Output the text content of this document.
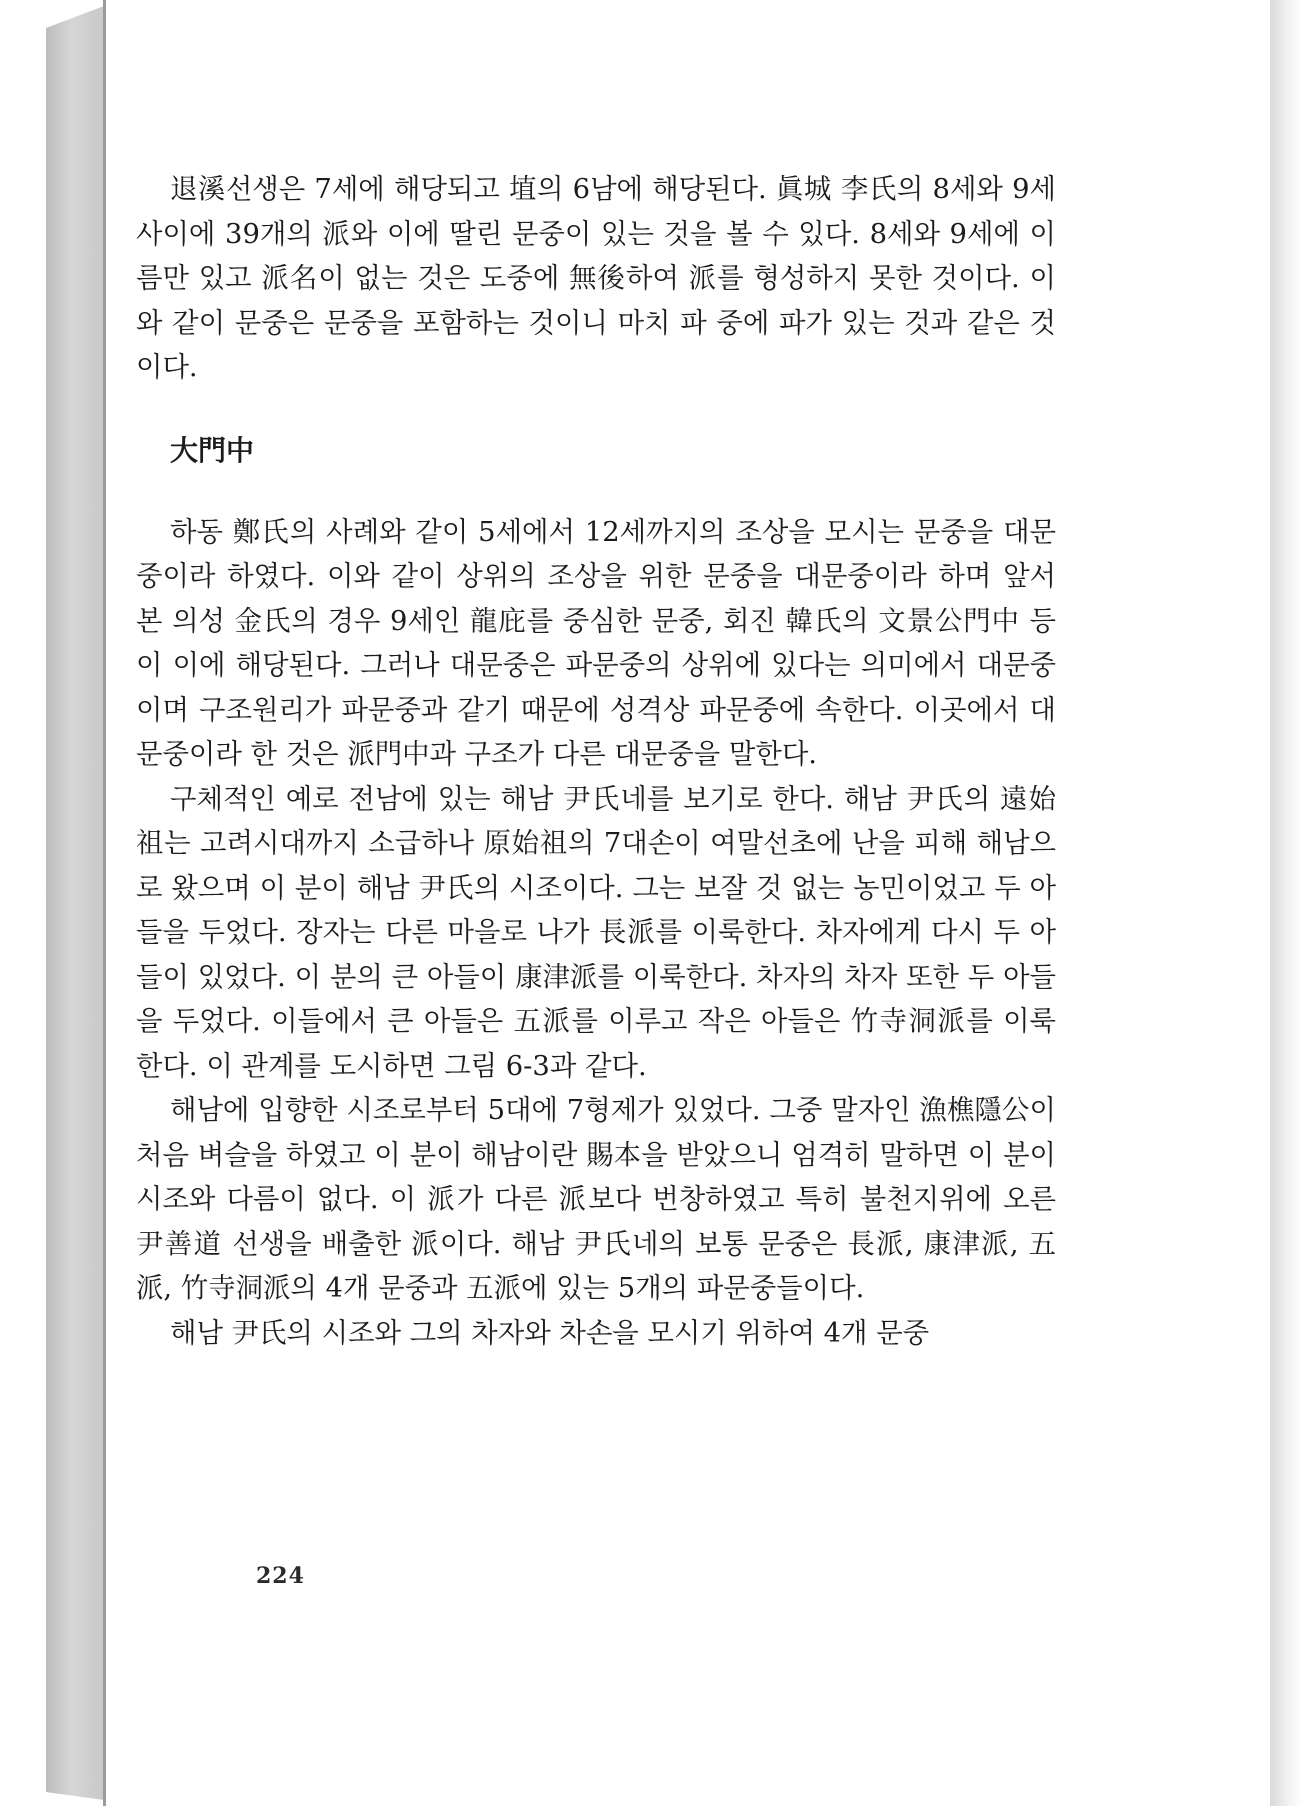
退溪선생은 7세에 해당되고 埴의 6남에 해당된다. 眞城 李氏의 8세와 9세 사이에 39개의 派와 이에 딸린 문중이 있는 것을 볼 수 있다. 8세와 9세에 이름만 있고 派名이 없는 것은 도중에 無後하여 派를 형성하지 못한 것이다. 이와 같이 문중은 문중을 포함하는 것이니 마치 파 중에 파가 있는 것과 같은 것이다.

大門中

하동 鄭氏의 사례와 같이 5세에서 12세까지의 조상을 모시는 문중을 대문중이라 하였다. 이와 같이 상위의 조상을 위한 문중을 대문중이라 하며 앞서 본 의성 金氏의 경우 9세인 龍庇를 중심한 문중, 회진 韓氏의 文景公門中 등이 이에 해당된다. 그러나 대문중은 파문중의 상위에 있다는 의미에서 대문중이며 구조원리가 파문중과 같기 때문에 성격상 파문중에 속한다. 이곳에서 대문중이라 한 것은 派門中과 구조가 다른 대문중을 말한다.

구체적인 예로 전남에 있는 해남 尹氏네를 보기로 한다. 해남 尹氏의 遠始祖는 고려시대까지 소급하나 原始祖의 7대손이 여말선초에 난을 피해 해남으로 왔으며 이 분이 해남 尹氏의 시조이다. 그는 보잘 것 없는 농민이었고 두 아들을 두었다. 장자는 다른 마을로 나가 長派를 이룩한다. 차자에게 다시 두 아들이 있었다. 이 분의 큰 아들이 康津派를 이룩한다. 차자의 차자 또한 두 아들을 두었다. 이들에서 큰 아들은 五派를 이루고 작은 아들은 竹寺洞派를 이룩한다. 이 관계를 도시하면 그림 6-3과 같다.

해남에 입향한 시조로부터 5대에 7형제가 있었다. 그중 말자인 漁樵隱公이 처음 벼슬을 하였고 이 분이 해남이란 賜本을 받았으니 엄격히 말하면 이 분이 시조와 다름이 없다. 이 派가 다른 派보다 번창하였고 특히 불천지위에 오른 尹善道 선생을 배출한 派이다. 해남 尹氏네의 보통 문중은 長派, 康津派, 五派, 竹寺洞派의 4개 문중과 五派에 있는 5개의 파문중들이다.

해남 尹氏의 시조와 그의 차자와 차손을 모시기 위하여 4개 문중

224
